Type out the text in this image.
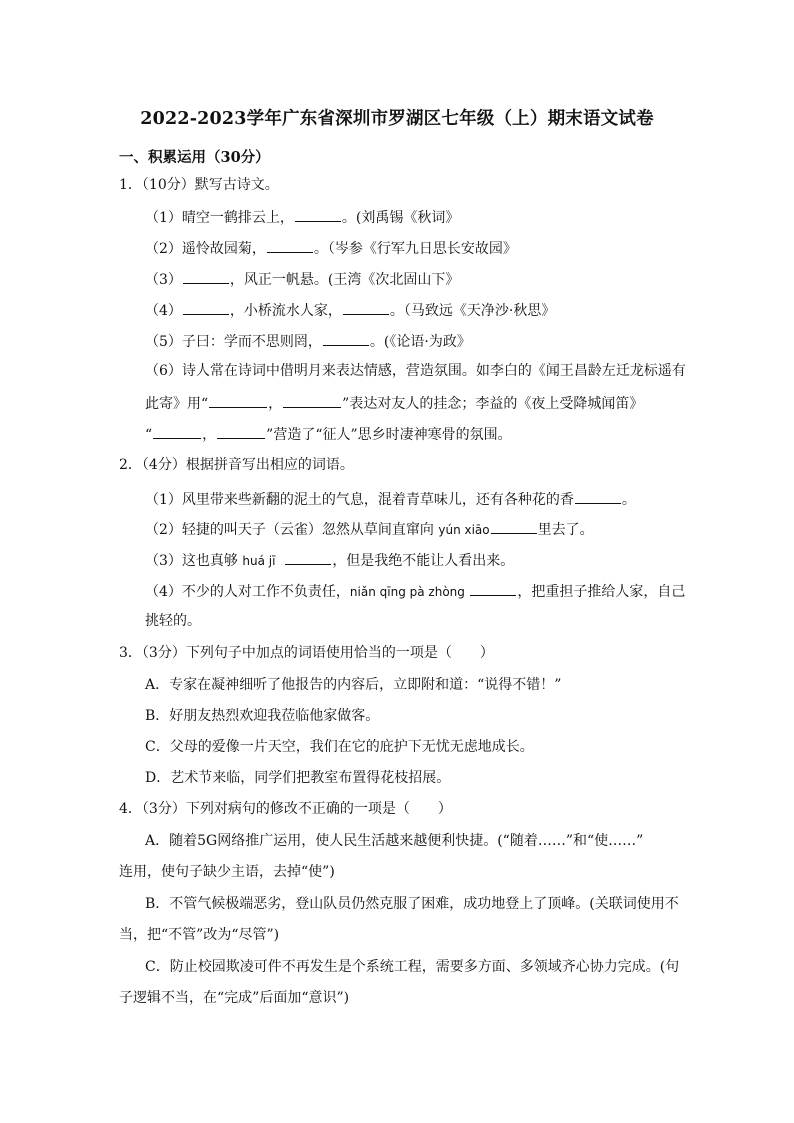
2022-2023学年广东省深圳市罗湖区七年级（上）期末语文试卷
一、积累运用（30分）
1．（10分）默写古诗文。
（1）晴空一鹤排云上，	。(刘禹锡《秋词》
（2）遥怜故园菊，	。（岑参《行军九日思长安故园》
（3）	，风正一帆悬。(王湾《次北固山下》
（4）	，小桥流水人家，	。（马致远《天净沙·秋思》
（5）子曰：学而不思则罔，	。(《论语·为政》
（6）诗人常在诗词中借明月来表达情感，营造氛围。如李白的《闻王昌龄左迁龙标遥有
此寄》用“	，	”表达对友人的挂念；李益的《夜上受降城闻笛》
“	，	”营造了“征人”思乡时凄神寒骨的氛围。
2．（4分）根据拼音写出相应的词语。
（1）风里带来些新翻的泥土的气息，混着青草味儿，还有各种花的香	。
（2）轻捷的叫天子（云雀）忽然从草间直窜向 yún xiāo	里去了。
（3）这也真够 huá jī	，但是我绝不能让人看出来。
（4）不少的人对工作不负责任，niǎn qīng pà zhòng	，把重担子推给人家，自己
挑轻的。
3．（3分）下列句子中加点的词语使用恰当的一项是（　　）
A．专家在凝神细听了他报告的内容后，立即附和道：“说得不错！”
B．好朋友热烈欢迎我莅临他家做客。
C．父母的爱像一片天空，我们在它的庇护下无忧无虑地成长。
D．艺术节来临，同学们把教室布置得花枝招展。
4．（3分）下列对病句的修改不正确的一项是（　　）
A．随着5G网络推广运用，使人民生活越来越便利快捷。(“随着……”和“使……”
连用，使句子缺少主语，去掉“使”)
B．不管气候极端恶劣，登山队员仍然克服了困难，成功地登上了顶峰。(关联词使用不
当，把“不管”改为“尽管”)
C．防止校园欺凌可件不再发生是个系统工程，需要多方面、多领域齐心协力完成。(句
子逻辑不当，在“完成”后面加“意识”)
